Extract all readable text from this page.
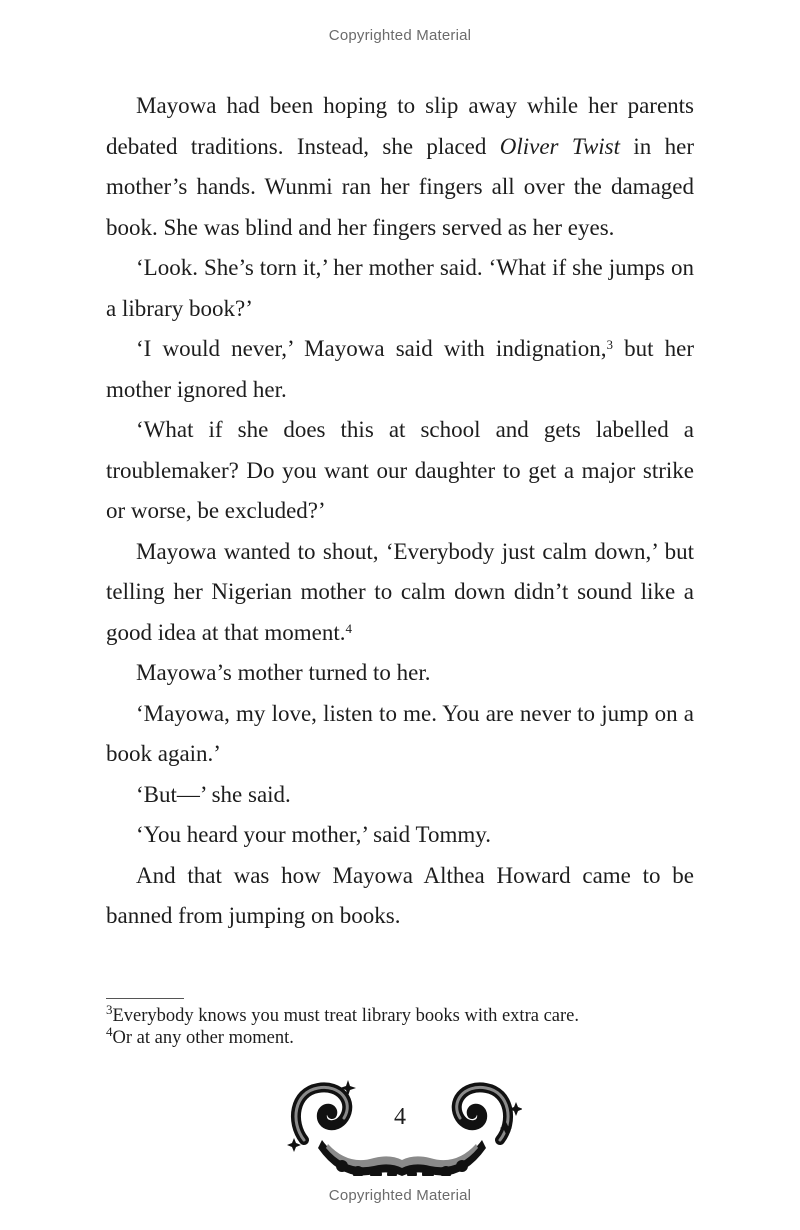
Copyrighted Material

Mayowa had been hoping to slip away while her parents debated traditions. Instead, she placed Oliver Twist in her mother’s hands. Wunmi ran her fingers all over the damaged book. She was blind and her fingers served as her eyes.

‘Look. She’s torn it,’ her mother said. ‘What if she jumps on a library book?’

‘I would never,’ Mayowa said with indignation,$^3$ but her mother ignored her.

‘What if she does this at school and gets labelled a troublemaker? Do you want our daughter to get a major strike or worse, be excluded?’

Mayowa wanted to shout, ‘Everybody just calm down,’ but telling her Nigerian mother to calm down didn’t sound like a good idea at that moment.$^4$

Mayowa’s mother turned to her.

‘Mayowa, my love, listen to me. You are never to jump on a book again.’

‘But—’ she said.

‘You heard your mother,’ said Tommy.

And that was how Mayowa Althea Howard came to be banned from jumping on books.

$^3$Everybody knows you must treat library books with extra care.
$^4$Or at any other moment.
4
Copyrighted Material
